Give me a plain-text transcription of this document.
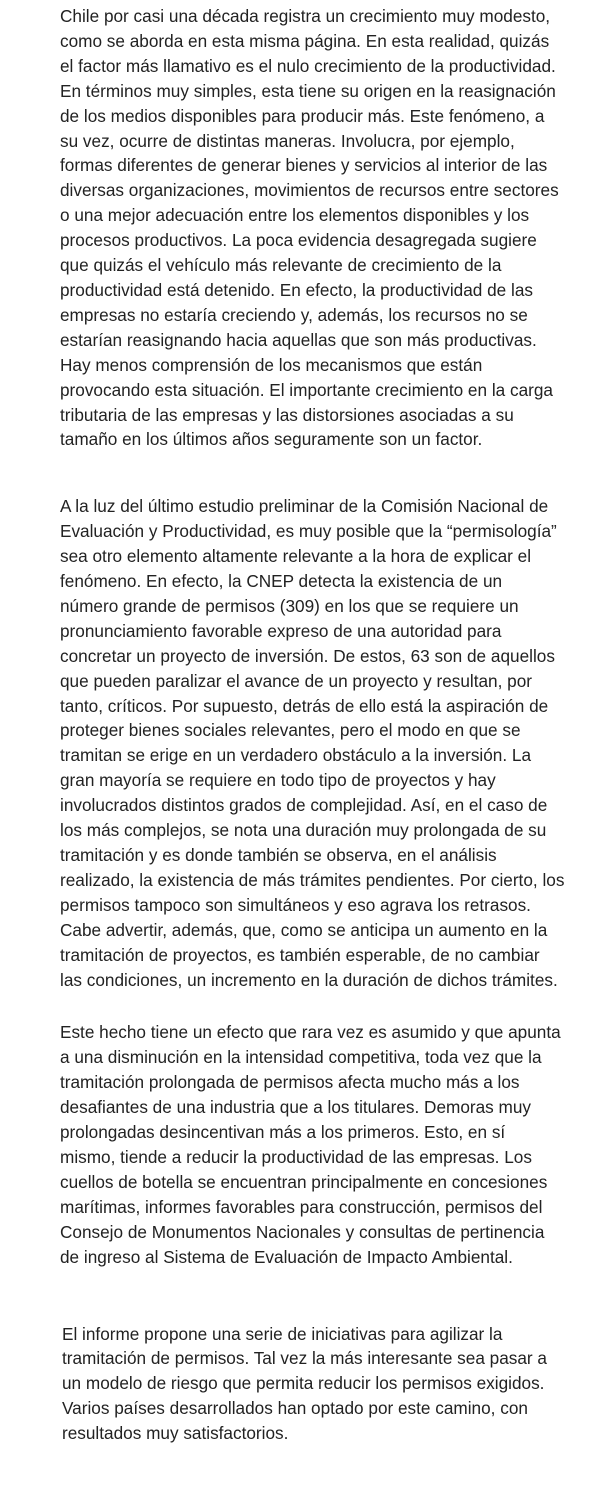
Chile por casi una década registra un crecimiento muy modesto, como se aborda en esta misma página. En esta realidad, quizás el factor más llamativo es el nulo crecimiento de la productividad. En términos muy simples, esta tiene su origen en la reasignación de los medios disponibles para producir más. Este fenómeno, a su vez, ocurre de distintas maneras. Involucra, por ejemplo, formas diferentes de generar bienes y servicios al interior de las diversas organizaciones, movimientos de recursos entre sectores o una mejor adecuación entre los elementos disponibles y los procesos productivos. La poca evidencia desagregada sugiere que quizás el vehículo más relevante de crecimiento de la productividad está detenido. En efecto, la productividad de las empresas no estaría creciendo y, además, los recursos no se estarían reasignando hacia aquellas que son más productivas. Hay menos comprensión de los mecanismos que están provocando esta situación. El importante crecimiento en la carga tributaria de las empresas y las distorsiones asociadas a su tamaño en los últimos años seguramente son un factor.

A la luz del último estudio preliminar de la Comisión Nacional de Evaluación y Productividad, es muy posible que la “permisología” sea otro elemento altamente relevante a la hora de explicar el fenómeno. En efecto, la CNEP detecta la existencia de un número grande de permisos (309) en los que se requiere un pronunciamiento favorable expreso de una autoridad para concretar un proyecto de inversión. De estos, 63 son de aquellos que pueden paralizar el avance de un proyecto y resultan, por tanto, críticos. Por supuesto, detrás de ello está la aspiración de proteger bienes sociales relevantes, pero el modo en que se tramitan se erige en un verdadero obstáculo a la inversión. La gran mayoría se requiere en todo tipo de proyectos y hay involucrados distintos grados de complejidad. Así, en el caso de los más complejos, se nota una duración muy prolongada de su tramitación y es donde también se observa, en el análisis realizado, la existencia de más trámites pendientes. Por cierto, los permisos tampoco son simultáneos y eso agrava los retrasos. Cabe advertir, además, que, como se anticipa un aumento en la tramitación de proyectos, es también esperable, de no cambiar las condiciones, un incremento en la duración de dichos trámites.

Este hecho tiene un efecto que rara vez es asumido y que apunta a una disminución en la intensidad competitiva, toda vez que la tramitación prolongada de permisos afecta mucho más a los desafiantes de una industria que a los titulares. Demoras muy prolongadas desincentivan más a los primeros. Esto, en sí mismo, tiende a reducir la productividad de las empresas. Los cuellos de botella se encuentran principalmente en concesiones marítimas, informes favorables para construcción, permisos del Consejo de Monumentos Nacionales y consultas de pertinencia de ingreso al Sistema de Evaluación de Impacto Ambiental.

El informe propone una serie de iniciativas para agilizar la tramitación de permisos. Tal vez la más interesante sea pasar a un modelo de riesgo que permita reducir los permisos exigidos. Varios países desarrollados han optado por este camino, con resultados muy satisfactorios.
